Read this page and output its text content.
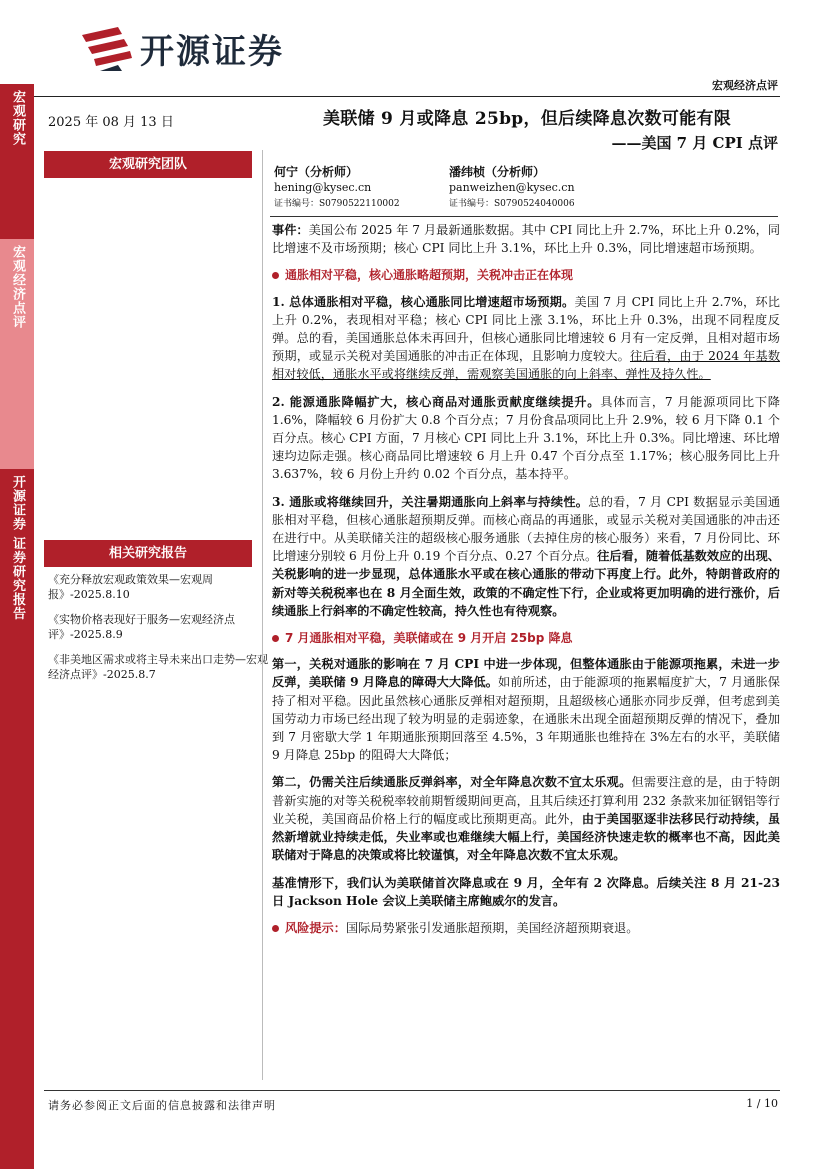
宏观研究
宏观经济点评
开源证券 证券研究报告
开源证券
宏观经济点评
2025 年 08 月 13 日
宏观研究团队
相关研究报告
《充分释放宏观政策效果—宏观周报》-2025.8.10
《实物价格表现好于服务—宏观经济点评》-2025.8.9
《非美地区需求或将主导未来出口走势—宏观经济点评》-2025.8.7
美联储 9 月或降息 25bp，但后续降息次数可能有限
——美国 7 月 CPI 点评
何宁（分析师）
hening@kysec.cn
证书编号：S0790522110002
潘纬桢（分析师）
panweizhen@kysec.cn
证书编号：S0790524040006

事件：美国公布 2025 年 7 月最新通胀数据。其中 CPI 同比上升 2.7%，环比上升 0.2%，同比增速不及市场预期；核心 CPI 同比上升 3.1%，环比上升 0.3%，同比增速超市场预期。

通胀相对平稳，核心通胀略超预期，关税冲击正在体现

1. 总体通胀相对平稳，核心通胀同比增速超市场预期。美国 7 月 CPI 同比上升 2.7%，环比上升 0.2%，表现相对平稳；核心 CPI 同比上涨 3.1%，环比上升 0.3%，出现不同程度反弹。总的看，美国通胀总体未再回升，但核心通胀同比增速较 6 月有一定反弹，且相对超市场预期，或显示关税对美国通胀的冲击正在体现，且影响力度较大。往后看，由于 2024 年基数相对较低，通胀水平或将继续反弹，需观察美国通胀的向上斜率、弹性及持久性。

2. 能源通胀降幅扩大，核心商品对通胀贡献度继续提升。具体而言，7 月能源项同比下降 1.6%，降幅较 6 月份扩大 0.8 个百分点；7 月份食品项同比上升 2.9%，较 6 月下降 0.1 个百分点。核心 CPI 方面，7 月核心 CPI 同比上升 3.1%，环比上升 0.3%。同比增速、环比增速均边际走强。核心商品同比增速较 6 月上升 0.47 个百分点至 1.17%；核心服务同比上升 3.637%，较 6 月份上升约 0.02 个百分点，基本持平。

3. 通胀或将继续回升，关注暑期通胀向上斜率与持续性。总的看，7 月 CPI 数据显示美国通胀相对平稳，但核心通胀超预期反弹。而核心商品的再通胀，或显示关税对美国通胀的冲击还在进行中。从美联储关注的超级核心服务通胀（去掉住房的核心服务）来看，7 月份同比、环比增速分别较 6 月份上升 0.19 个百分点、0.27 个百分点。往后看，随着低基数效应的出现、关税影响的进一步显现，总体通胀水平或在核心通胀的带动下再度上行。此外，特朗普政府的新对等关税税率也在 8 月全面生效，政策的不确定性下行，企业或将更加明确的进行涨价，后续通胀上行斜率的不确定性较高，持久性也有待观察。

7 月通胀相对平稳，美联储或在 9 月开启 25bp 降息

第一，关税对通胀的影响在 7 月 CPI 中进一步体现，但整体通胀由于能源项拖累，未进一步反弹，美联储 9 月降息的障碍大大降低。如前所述，由于能源项的拖累幅度扩大，7 月通胀保持了相对平稳。因此虽然核心通胀反弹相对超预期，且超级核心通胀亦同步反弹，但考虑到美国劳动力市场已经出现了较为明显的走弱迹象，在通胀未出现全面超预期反弹的情况下，叠加到 7 月密歇大学 1 年期通胀预期回落至 4.5%，3 年期通胀也维持在 3%左右的水平，美联储 9 月降息 25bp 的阻碍大大降低；

第二，仍需关注后续通胀反弹斜率，对全年降息次数不宜太乐观。但需要注意的是，由于特朗普新实施的对等关税税率较前期暂缓期间更高，且其后续还打算利用 232 条款来加征钢铝等行业关税，美国商品价格上行的幅度或比预期更高。此外，由于美国驱逐非法移民行动持续，虽然新增就业持续走低，失业率或也难继续大幅上行，美国经济快速走软的概率也不高，因此美联储对于降息的决策或将比较谨慎，对全年降息次数不宜太乐观。

基准情形下，我们认为美联储首次降息或在 9 月，全年有 2 次降息。后续关注 8 月 21-23 日 Jackson Hole 会议上美联储主席鲍威尔的发言。

风险提示：国际局势紧张引发通胀超预期，美国经济超预期衰退。

请务必参阅正文后面的信息披露和法律声明	1 / 10
